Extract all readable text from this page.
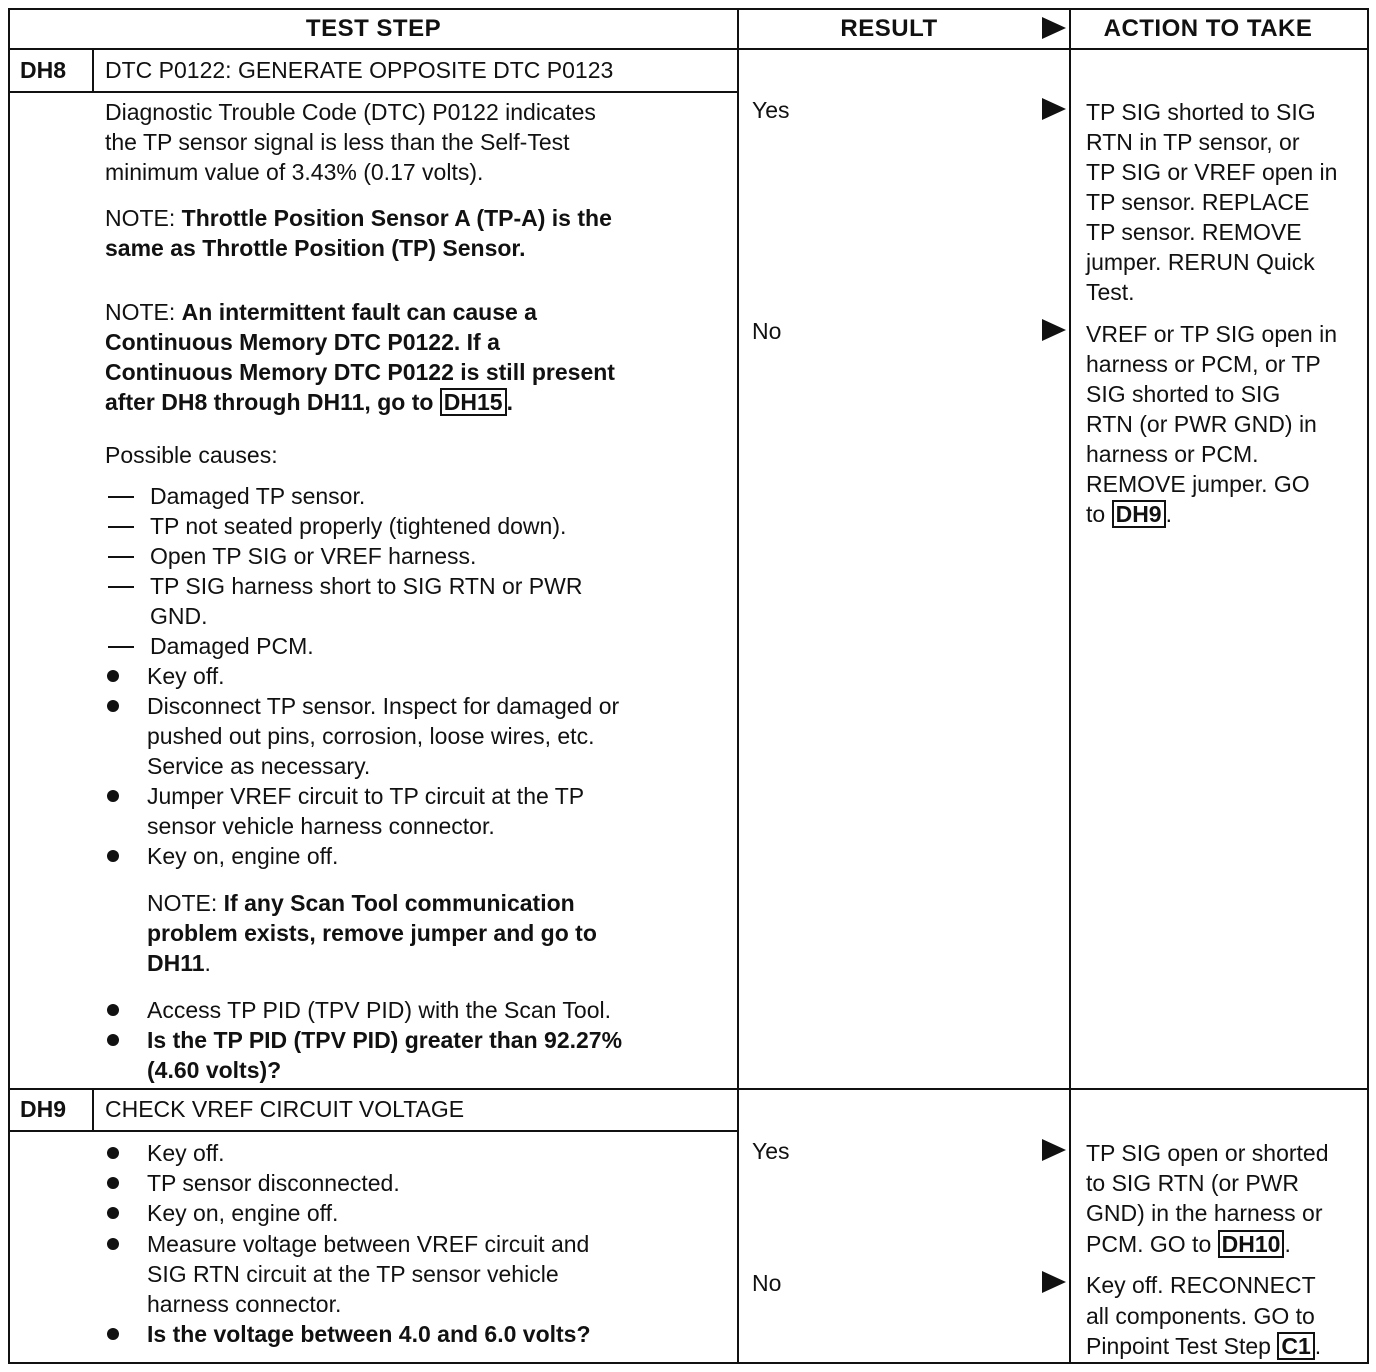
TEST STEP	RESULT	ACTION TO TAKE
DH8 DTC P0122: GENERATE OPPOSITE DTC P0123
Diagnostic Trouble Code (DTC) P0122 indicates
the TP sensor signal is less than the Self-Test
minimum value of 3.43% (0.17 volts).
NOTE: Throttle Position Sensor A (TP-A) is the
same as Throttle Position (TP) Sensor.
NOTE: An intermittent fault can cause a
Continuous Memory DTC P0122. If a
Continuous Memory DTC P0122 is still present
after DH8 through DH11, go to DH15 .
Possible causes:
Damaged TP sensor.
TP not seated properly (tightened down).
Open TP SIG or VREF harness.
TP SIG harness short to SIG RTN or PWR
GND.
Damaged PCM.
Key off.
Disconnect TP sensor. Inspect for damaged or
pushed out pins, corrosion, loose wires, etc.
Service as necessary.
Jumper VREF circuit to TP circuit at the TP
sensor vehicle harness connector.
Key on, engine off.
NOTE: If any Scan Tool communication
problem exists, remove jumper and go to
DH11.
Access TP PID (TPV PID) with the Scan Tool.
Is the TP PID (TPV PID) greater than 92.27%
(4.60 volts)?
Yes
No
TP SIG shorted to SIG
RTN in TP sensor, or
TP SIG or VREF open in
TP sensor. REPLACE
TP sensor. REMOVE
jumper. RERUN Quick
Test.
VREF or TP SIG open in
harness or PCM, or TP
SIG shorted to SIG
RTN (or PWR GND) in
harness or PCM.
REMOVE jumper. GO
to DH9 .
DH9 CHECK VREF CIRCUIT VOLTAGE
Key off.
TP sensor disconnected.
Key on, engine off.
Measure voltage between VREF circuit and
SIG RTN circuit at the TP sensor vehicle
harness connector.
Is the voltage between 4.0 and 6.0 volts?
Yes
No
TP SIG open or shorted
to SIG RTN (or PWR
GND) in the harness or
PCM. GO to DH10 .
Key off. RECONNECT
all components. GO to
Pinpoint Test Step C1 .
